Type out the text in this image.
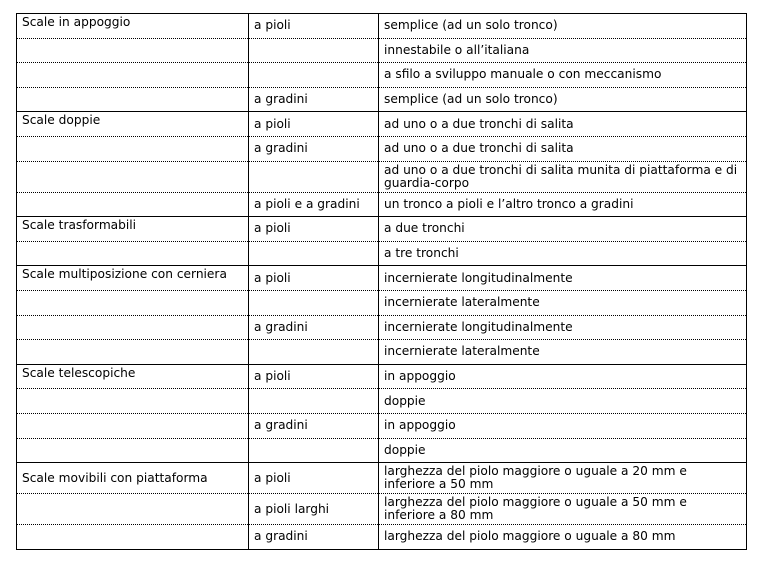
Scale in appoggio	a pioli	semplice (ad un solo tronco)
		innestabile o all’italiana
		a sfilo a sviluppo manuale o con meccanismo
	a gradini	semplice (ad un solo tronco)
Scale doppie	a pioli	ad uno o a due tronchi di salita
	a gradini	ad uno o a due tronchi di salita
		ad uno o a due tronchi di salita munita di piattaforma e di guardia-corpo
	a pioli e a gradini	un tronco a pioli e l’altro tronco a gradini
Scale trasformabili	a pioli	a due tronchi
		a tre tronchi
Scale multiposizione con cerniera	a pioli	incernierate longitudinalmente
		incernierate lateralmente
	a gradini	incernierate longitudinalmente
		incernierate lateralmente
Scale telescopiche	a pioli	in appoggio
		doppie
	a gradini	in appoggio
		doppie
Scale movibili con piattaforma	a pioli	larghezza del piolo maggiore o uguale a 20 mm e inferiore a 50 mm
	a pioli larghi	larghezza del piolo maggiore o uguale a 50 mm e inferiore a 80 mm
	a gradini	larghezza del piolo maggiore o uguale a 80 mm
